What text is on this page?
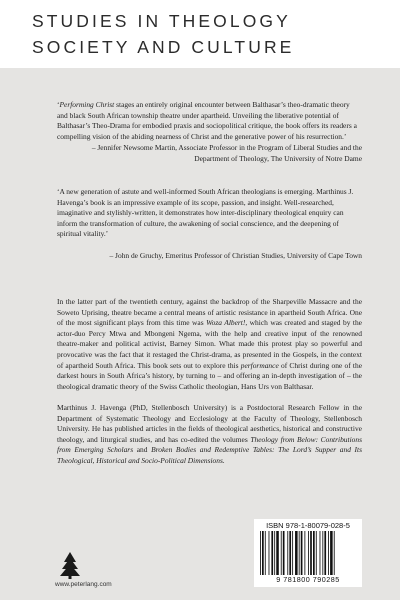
STUDIES IN THEOLOGY
SOCIETY AND CULTURE
‘Performing Christ stages an entirely original encounter between Balthasar’s theo-dramatic theory and black South African township theatre under apartheid. Unveiling the liberative potential of Balthasar’s Theo-Drama for embodied praxis and sociopolitical critique, the book offers its readers a compelling vision of the abiding nearness of Christ and the generative power of his resurrection.’
– Jennifer Newsome Martin, Associate Professor in the Program of Liberal Studies and the Department of Theology, The University of Notre Dame
‘A new generation of astute and well-informed South African theologians is emerging. Marthinus J. Havenga’s book is an impressive example of its scope, passion, and insight. Well-researched, imaginative and stylishly-written, it demonstrates how inter-disciplinary theological enquiry can inform the transformation of culture, the awakening of social conscience, and the deepening of spiritual vitality.’
– John de Gruchy, Emeritus Professor of Christian Studies, University of Cape Town
In the latter part of the twentieth century, against the backdrop of the Sharpeville Massacre and the Soweto Uprising, theatre became a central means of artistic resistance in apartheid South Africa. One of the most significant plays from this time was Woza Albert!, which was created and staged by the actor-duo Percy Mtwa and Mbongeni Ngema, with the help and creative input of the renowned theatre-maker and political activist, Barney Simon. What made this protest play so powerful and provocative was the fact that it restaged the Christ-drama, as presented in the Gospels, in the context of apartheid South Africa. This book sets out to explore this performance of Christ during one of the darkest hours in South Africa’s history, by turning to – and offering an in-depth investigation of – the theological dramatic theory of the Swiss Catholic theologian, Hans Urs von Balthasar.
Marthinus J. Havenga (PhD, Stellenbosch University) is a Postdoctoral Research Fellow in the Department of Systematic Theology and Ecclesiology at the Faculty of Theology, Stellenbosch University. He has published articles in the fields of theological aesthetics, historical and constructive theology, and liturgical studies, and has co-edited the volumes Theology from Below: Contributions from Emerging Scholars and Broken Bodies and Redemptive Tables: The Lord’s Supper and Its Theological, Historical and Socio-Political Dimensions.
www.peterlang.com
ISBN 978-1-80079-028-5
9 781800 790285
